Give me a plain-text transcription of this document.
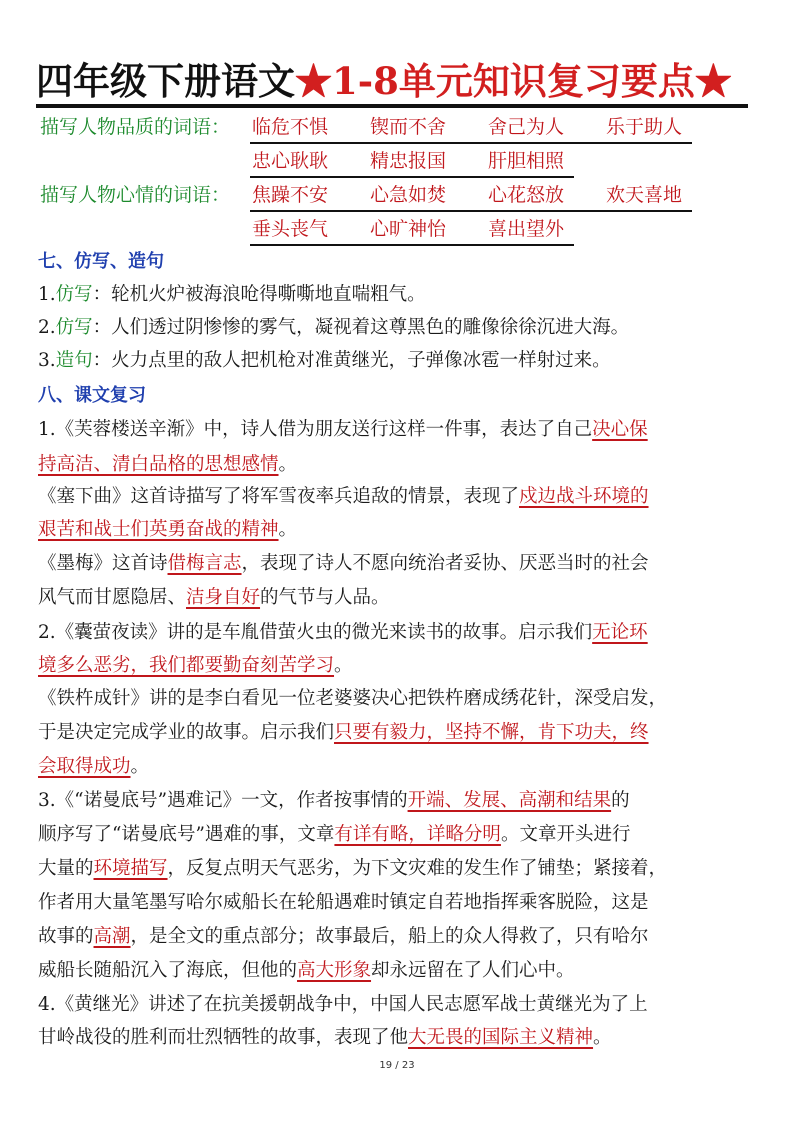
四年级下册语文★1-8单元知识复习要点★
描写人物品质的词语： 临危不惧 锲而不舍 舍己为人 乐于助人
忠心耿耿 精忠报国 肝胆相照
描写人物心情的词语： 焦躁不安 心急如焚 心花怒放 欢天喜地
垂头丧气 心旷神怡 喜出望外
七、仿写、造句
1.仿写：轮机火炉被海浪呛得嘶嘶地直喘粗气。
2.仿写：人们透过阴惨惨的雾气，凝视着这尊黑色的雕像徐徐沉进大海。
3.造句：火力点里的敌人把机枪对准黄继光，子弹像冰雹一样射过来。
八、课文复习
1.《芙蓉楼送辛渐》中，诗人借为朋友送行这样一件事，表达了自己决心保
持高洁、清白品格的思想感情。
《塞下曲》这首诗描写了将军雪夜率兵追敌的情景，表现了戍边战斗环境的
艰苦和战士们英勇奋战的精神。
《墨梅》这首诗借梅言志，表现了诗人不愿向统治者妥协、厌恶当时的社会
风气而甘愿隐居、洁身自好的气节与人品。
2.《囊萤夜读》讲的是车胤借萤火虫的微光来读书的故事。启示我们无论环
境多么恶劣，我们都要勤奋刻苦学习。
《铁杵成针》讲的是李白看见一位老婆婆决心把铁杵磨成绣花针，深受启发，
于是决定完成学业的故事。启示我们只要有毅力，坚持不懈，肯下功夫，终
会取得成功。
3.《“诺曼底号”遇难记》一文，作者按事情的开端、发展、高潮和结果的
顺序写了“诺曼底号”遇难的事，文章有详有略，详略分明。文章开头进行
大量的环境描写，反复点明天气恶劣，为下文灾难的发生作了铺垫；紧接着，
作者用大量笔墨写哈尔威船长在轮船遇难时镇定自若地指挥乘客脱险，这是
故事的高潮，是全文的重点部分；故事最后，船上的众人得救了，只有哈尔
威船长随船沉入了海底，但他的高大形象却永远留在了人们心中。
4.《黄继光》讲述了在抗美援朝战争中，中国人民志愿军战士黄继光为了上
甘岭战役的胜利而壮烈牺牲的故事，表现了他大无畏的国际主义精神。
19 / 23
